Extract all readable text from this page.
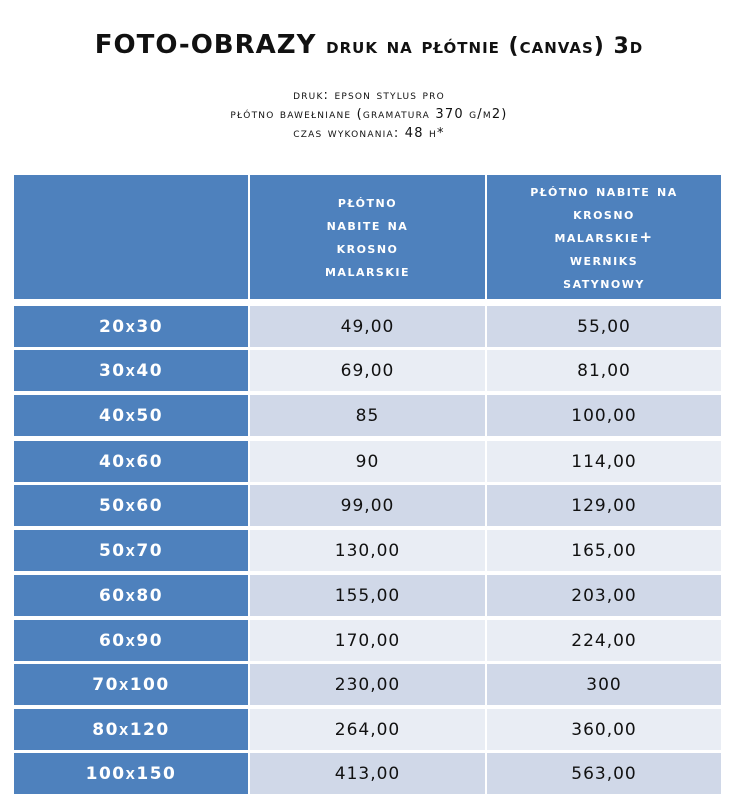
FOTO-OBRAZY druk na płótnie (canvas) 3d
druk: epson stylus pro
płótno bawełniane (gramatura 370 g/m2)
czas wykonania: 48 h*
płótno
nabite na
krosno
malarskie
płótno nabite na
krosno
malarskie+
werniks
satynowy
20x30	49,00	55,00
30x40	69,00	81,00
40x50	85	100,00
40x60	90	114,00
50x60	99,00	129,00
50x70	130,00	165,00
60x80	155,00	203,00
60x90	170,00	224,00
70x100	230,00	300
80x120	264,00	360,00
100x150	413,00	563,00
